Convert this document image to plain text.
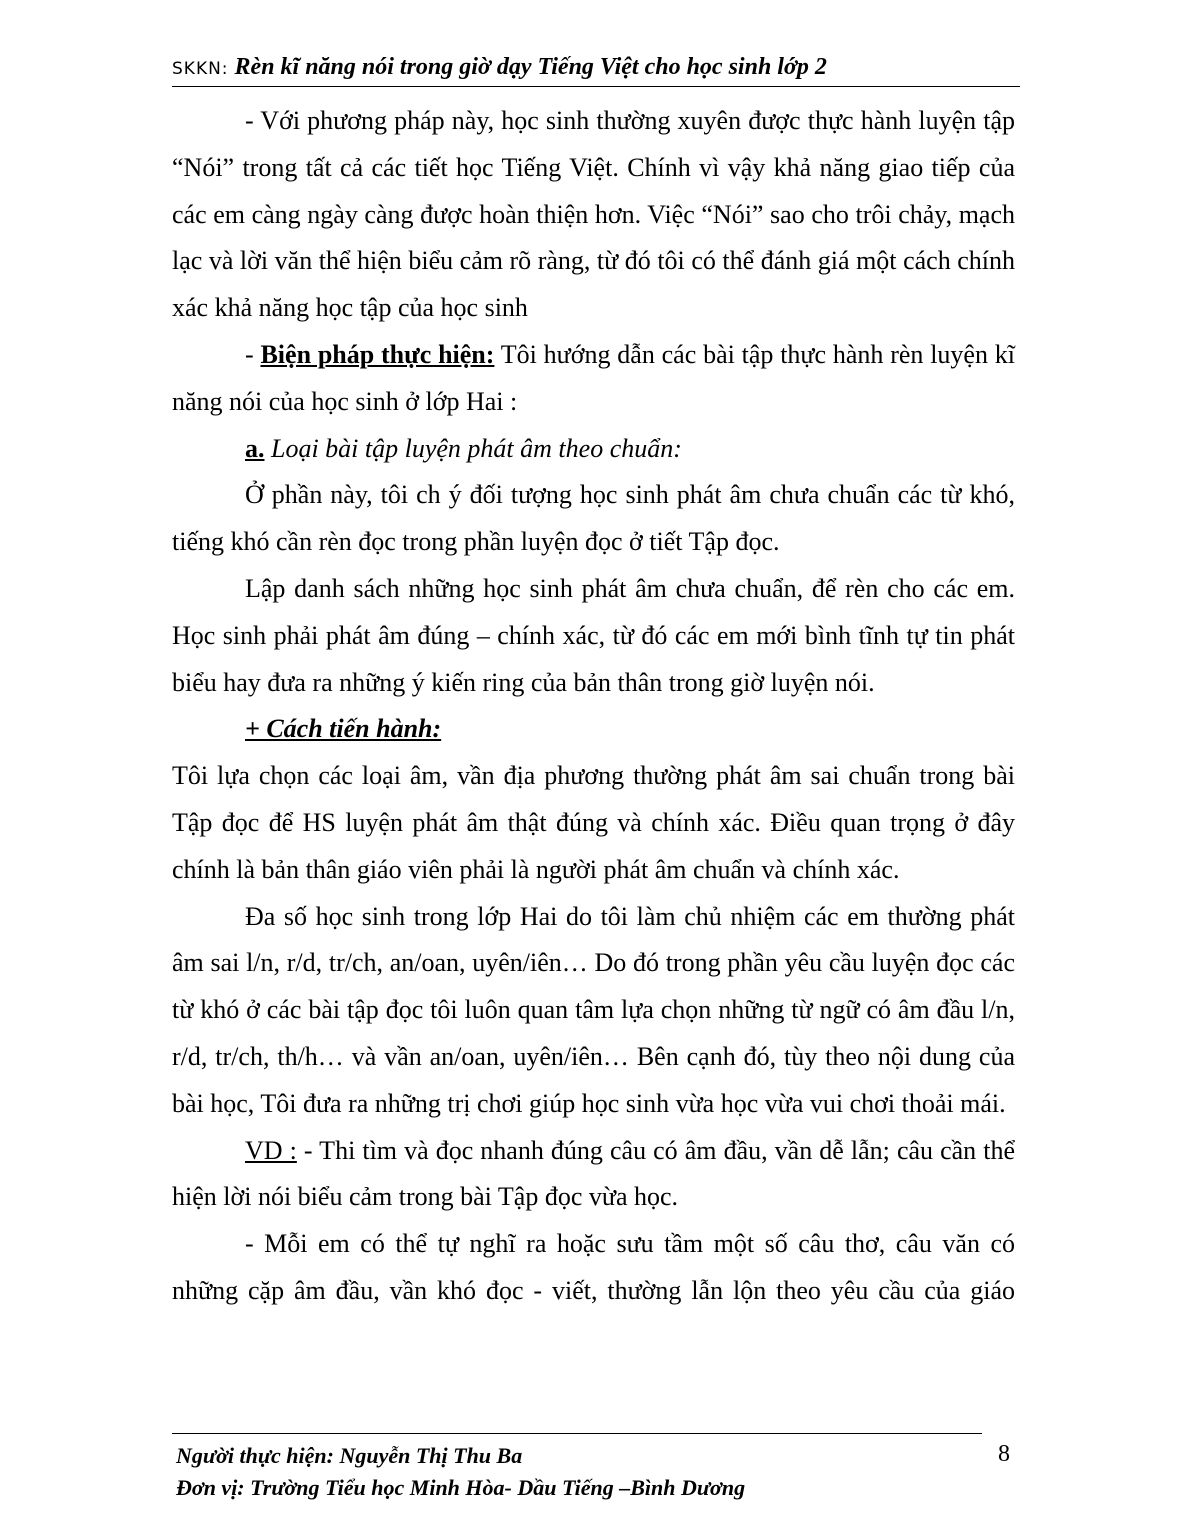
SKKN: Rèn kĩ năng nói trong giờ dạy Tiếng Việt cho học sinh lớp 2

- Với phương pháp này, học sinh thường xuyên được thực hành luyện tập “Nói” trong tất cả các tiết học Tiếng Việt. Chính vì vậy khả năng giao tiếp của các em càng ngày càng được hoàn thiện hơn. Việc “Nói” sao cho trôi chảy, mạch lạc và lời văn thể hiện biểu cảm rõ ràng, từ đó tôi có thể đánh giá một cách chính xác khả năng học tập của học sinh

- Biện pháp thực hiện: Tôi hướng dẫn các bài tập thực hành rèn luyện kĩ năng nói của học sinh ở lớp Hai :

a. Loại bài tập luyện phát âm theo chuẩn:

Ở phần này, tôi ch ý đối tượng học sinh phát âm chưa chuẩn các từ khó, tiếng khó cần rèn đọc trong phần luyện đọc ở tiết Tập đọc.

Lập danh sách những học sinh phát âm chưa chuẩn, để rèn cho các em. Học sinh phải phát âm đúng – chính xác, từ đó các em mới bình tĩnh tự tin phát biểu hay đưa ra những ý kiến ring của bản thân trong giờ luyện nói.

+ Cách tiến hành:

Tôi lựa chọn các loại âm, vần địa phương thường phát âm sai chuẩn trong bài Tập đọc để HS luyện phát âm thật đúng và chính xác. Điều quan trọng ở đây chính là bản thân giáo viên phải là người phát âm chuẩn và chính xác.

Đa số học sinh trong lớp Hai do tôi làm chủ nhiệm các em thường phát âm sai l/n, r/d, tr/ch, an/oan, uyên/iên… Do đó trong phần yêu cầu luyện đọc các từ khó ở các bài tập đọc tôi luôn quan tâm lựa chọn những từ ngữ có âm đầu l/n, r/d, tr/ch, th/h… và vần an/oan, uyên/iên… Bên cạnh đó, tùy theo nội dung của bài học, Tôi đưa ra những trị chơi giúp học sinh vừa học vừa vui chơi thoải mái.

VD : - Thi tìm và đọc nhanh đúng câu có âm đầu, vần dễ lẫn; câu cần thể hiện lời nói biểu cảm trong bài Tập đọc vừa học.

- Mỗi em có thể tự nghĩ ra hoặc sưu tầm một số câu thơ, câu văn có những cặp âm đầu, vần khó đọc - viết, thường lẫn lộn theo yêu cầu của giáo

Người thực hiện: Nguyễn Thị Thu Ba
Đơn vị: Trường Tiểu học Minh Hòa- Dầu Tiếng –Bình Dương
8
